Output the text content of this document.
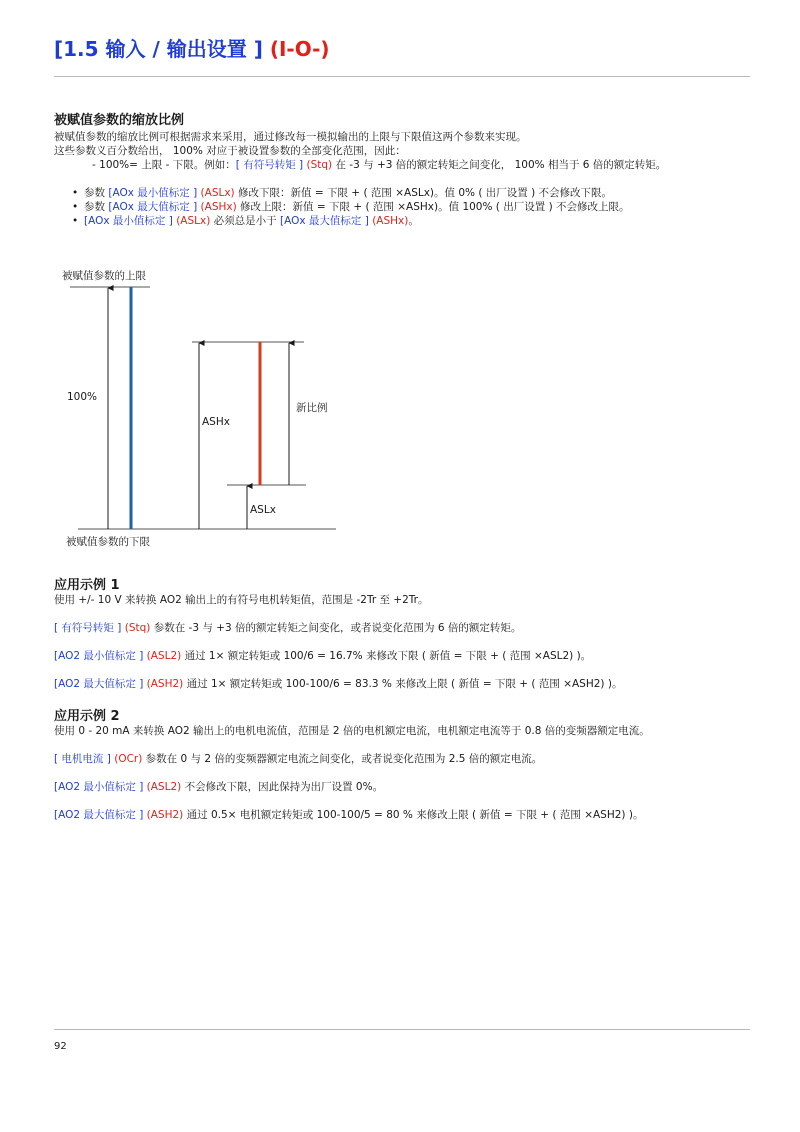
[1.5 输入 / 输出设置 ] (I-O-)
被赋值参数的缩放比例

被赋值参数的缩放比例可根据需求来采用，通过修改每一模拟输出的上限与下限值这两个参数来实现。

这些参数义百分数给出， 100% 对应于被设置参数的全部变化范围，因此：

- 100%= 上限 - 下限。例如：[ 有符号转矩 ] (Stq) 在 -3 与 +3 倍的额定转矩之间变化， 100% 相当于 6 倍的额定转矩。
• 参数 [AOx 最小值标定 ] (ASLx) 修改下限：新值 = 下限 + ( 范围 ×ASLx)。值 0% ( 出厂设置 ) 不会修改下限。
• 参数 [AOx 最大值标定 ] (ASHx) 修改上限：新值 = 下限 + ( 范围 ×ASHx)。值 100% ( 出厂设置 ) 不会修改上限。
• [AOx 最小值标定 ] (ASLx) 必须总是小于 [AOx 最大值标定 ] (ASHx)。
被赋值参数的上限
100%
ASHx
ASLx
新比例
被赋值参数的下限
应用示例 1

使用 +/- 10 V 来转换 AO2 输出上的有符号电机转矩值，范围是 -2Tr 至 +2Tr。

[ 有符号转矩 ] (Stq) 参数在 -3 与 +3 倍的额定转矩之间变化，或者说变化范围为 6 倍的额定转矩。

[AO2 最小值标定 ] (ASL2) 通过 1× 额定转矩或 100/6 = 16.7% 来修改下限 ( 新值 = 下限 + ( 范围 ×ASL2) )。

[AO2 最大值标定 ] (ASH2) 通过 1× 额定转矩或 100-100/6 = 83.3 % 来修改上限 ( 新值 = 下限 + ( 范围 ×ASH2) )。

应用示例 2

使用 0 - 20 mA 来转换 AO2 输出上的电机电流值，范围是 2 倍的电机额定电流，电机额定电流等于 0.8 倍的变频器额定电流。

[ 电机电流 ] (OCr) 参数在 0 与 2 倍的变频器额定电流之间变化，或者说变化范围为 2.5 倍的额定电流。

[AO2 最小值标定 ] (ASL2) 不会修改下限，因此保持为出厂设置 0%。

[AO2 最大值标定 ] (ASH2) 通过 0.5× 电机额定转矩或 100-100/5 = 80 % 来修改上限 ( 新值 = 下限 + ( 范围 ×ASH2) )。

92
